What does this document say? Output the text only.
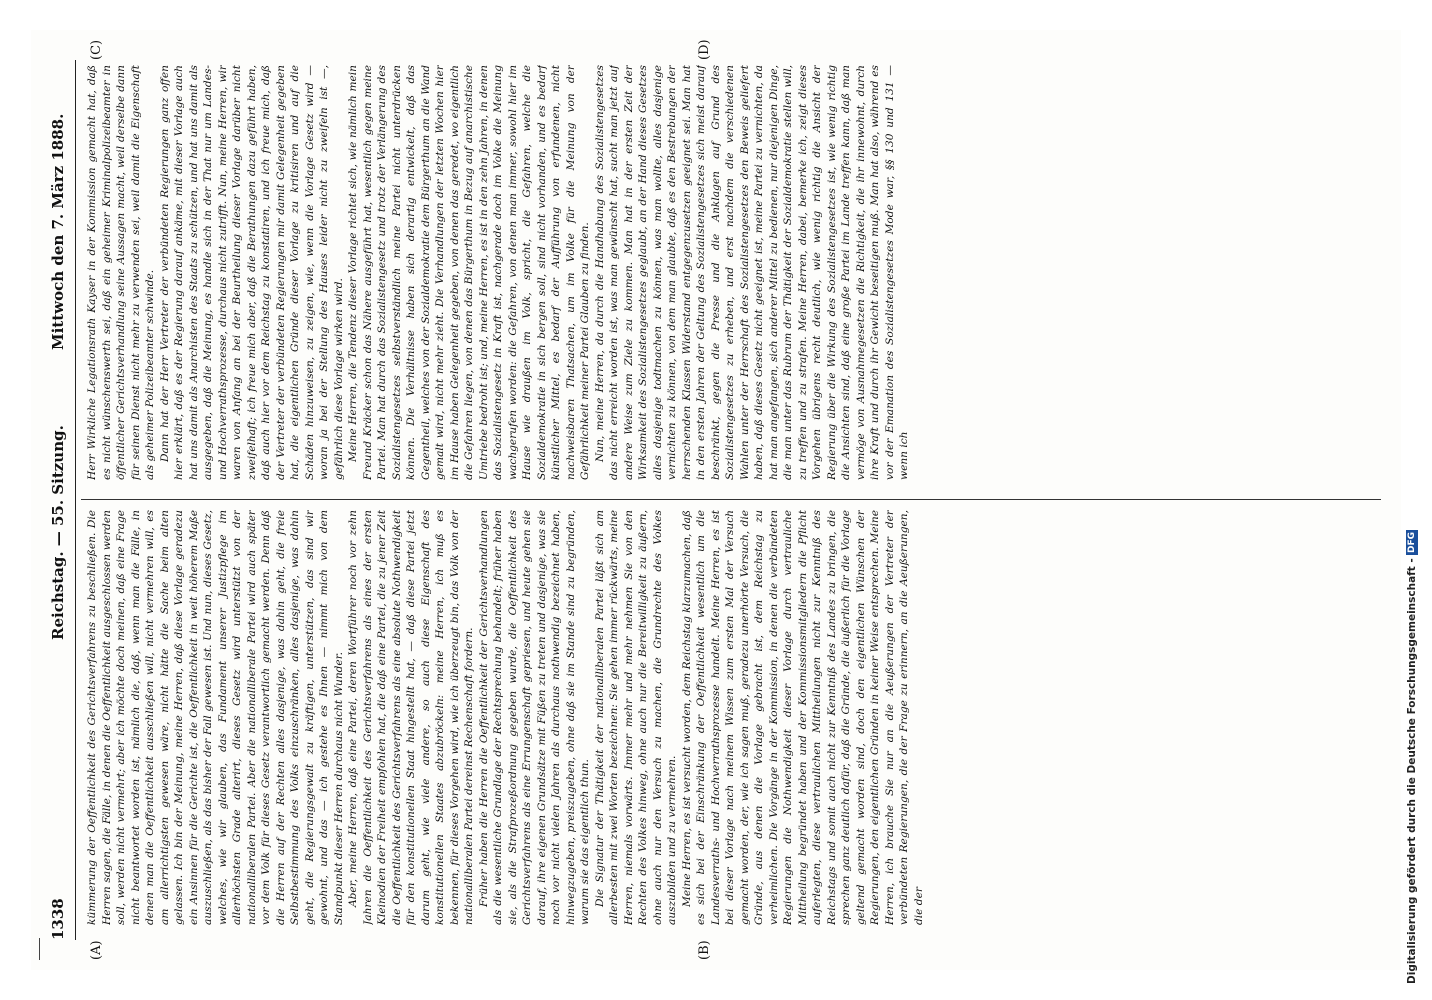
1338
Reichstag. — 55. Sitzung.
Mittwoch den 7. März 1888.
(A)	(B)
(C)	(D)

kümmerung der Oeffentlichkeit des Gerichtsverfahrens zu beschließen. Die Herren sagen, die Fälle, in denen die Oeffentlichkeit ausgeschlossen werden soll, werden nicht vermehrt; aber ich möchte doch meinen, daß eine Frage nicht beantwortet worden ist, nämlich die, daß, wenn man die Fälle, in denen man die Oeffentlichkeit ausschließen will, nicht vermehren will, es am allerrichtigsten gewesen wäre, nicht hätte die Sache beim alten gelassen. Ich bin der Meinung, meine Herren, daß diese Vorlage geradezu ein Ansinnen für die Gerichte ist, die Oeffentlichkeit in weit höherem Maße auszuschließen, als das bisher der Fall gewesen ist. Und nun, dieses Gesetz, welches, wie wir glauben, das Fundament unserer Justizpflege im allerhöchsten Grade alterirt, dieses Gesetz wird unterstützt von der nationalliberalen Partei. Aber die nationalliberale Partei wird auch später vor dem Volk für dieses Gesetz verantwortlich gemacht werden. Denn daß die Herren auf der Rechten alles dasjenige, was dahin geht, die freie Selbstbestimmung des Volks einzuschränken, alles dasjenige, was dahin geht, die Regierungsgewalt zu kräftigen, unterstützen, das sind wir gewohnt, und das — ich gestehe es Ihnen — nimmt mich von dem Standpunkt dieser Herren durchaus nicht Wunder. Aber, meine Herren, daß eine Partei, deren Wortführer noch vor zehn Jahren die Oeffentlichkeit des Gerichtsverfahrens als eines der ersten Kleinodien der Freiheit empfohlen hat, die daß eine Partei, die zu jener Zeit die Oeffentlichkeit des Gerichtsverfahrens als eine absolute Nothwendigkeit für den konstitutionellen Staat hingestellt hat, — daß diese Partei jetzt darum geht, wie viele andere, so auch diese Eigenschaft des konstitutionellen Staates abzubröckeln: meine Herren, ich muß es bekennen, für dieses Vorgehen wird, wie ich überzeugt bin, das Volk von der nationalliberalen Partei dereinst Rechenschaft fordern. Früher haben die Herren die Oeffentlichkeit der Gerichtsverhandlungen als die wesentliche Grundlage der Rechtsprechung behandelt; früher haben sie, als die Strafprozeßordnung gegeben wurde, die Oeffentlichkeit des Gerichtsverfahrens als eine Errungenschaft gepriesen, und heute gehen sie darauf, ihre eigenen Grundsätze mit Füßen zu treten und dasjenige, was sie noch vor nicht vielen Jahren als durchaus nothwendig bezeichnet haben, hinwegzugeben, preiszugeben, ohne daß sie im Stande sind zu begründen, warum sie das eigentlich thun. Die Signatur der Thätigkeit der nationalliberalen Partei läßt sich am allerbesten mit zwei Worten bezeichnen: Sie gehen immer rückwärts, meine Herren, niemals vorwärts. Immer mehr und mehr nehmen Sie von den Rechten des Volkes hinweg, ohne auch nur die Bereitwilligkeit zu äußern, ohne auch nur den Versuch zu machen, die Grundrechte des Volkes auszubilden und zu vermehren. Meine Herren, es ist versucht worden, dem Reichstag klarzumachen, daß es sich bei der Einschränkung der Oeffentlichkeit wesentlich um die Landesverraths- und Hochverrathsprozesse handelt. Meine Herren, es ist bei dieser Vorlage nach meinem Wissen zum ersten Mal der Versuch gemacht worden, der, wie ich sagen muß, geradezu unerhörte Versuch, die Gründe, aus denen die Vorlage gebracht ist, dem Reichstag zu verheimlichen. Die Vorgänge in der Kommission, in denen die verbündeten Regierungen die Nothwendigkeit dieser Vorlage durch vertrauliche Mittheilung begründet haben und der Kommissionsmitgliedern die Pflicht auferlegten, diese vertraulichen Mittheilungen nicht zur Kenntniß des Reichstags und somit auch nicht zur Kenntniß des Landes zu bringen, die sprechen ganz deutlich dafür, daß die Gründe, die äußerlich für die Vorlage geltend gemacht worden sind, doch den eigentlichen Wünschen der Regierungen, den eigentlichen Gründen in keiner Weise entsprechen. Meine Herren, ich brauche Sie nur an die Aeußerungen der Vertreter der verbündeten Regierungen, die der Frage zu erinnern, an die Aeußerungen, die der

Herr Wirkliche Legationsrath Kayser in der Kommission gemacht hat, daß es nicht wünschenswerth sei, daß ein geheimer Kriminalpolizeibeamter in öffentlicher Gerichtsverhandlung seine Aussagen macht, weil derselbe dann für seinen Dienst nicht mehr zu verwenden sei, weil damit die Eigenschaft als geheimer Polizeibeamter schwinde. Dann hat der Herr Vertreter der verbündeten Regierungen ganz offen hier erklärt, daß es der Regierung darauf ankäme, mit dieser Vorlage auch hat uns damit als Anarchisten des Staats zu schützen, und hat uns damit als ausgegeben, daß die Meinung, es handle sich in der That nur um Landes- und Hochverrathsprozesse, durchaus nicht zutrifft. Nun, meine Herren, wir waren von Anfang an bei der Beurtheilung dieser Vorlage darüber nicht zweifelhaft; ich freue mich aber, daß die Berathungen dazu geführt haben, daß auch hier vor dem Reichstag zu konstatiren, und ich freue mich, daß der Vertreter der verbündeten Regierungen mir damit Gelegenheit gegeben hat, die eigentlichen Gründe dieser Vorlage zu kritisiren und auf die Schäden hinzuweisen, zu zeigen, wie, wenn die Vorlage Gesetz wird — woran ja bei der Stellung des Hauses leider nicht zu zweifeln ist —, gefährlich diese Vorlage wirken wird. Meine Herren, die Tendenz dieser Vorlage richtet sich, wie nämlich mein Freund Kräcker schon das Nähere ausgeführt hat, wesentlich gegen meine Partei. Man hat durch das Sozialistengesetz und trotz der Verlängerung des Sozialistengesetzes selbstverständlich meine Partei nicht unterdrücken können. Die Verhältnisse haben sich derartig entwickelt, daß das Gegentheil, welches von der Sozialdemokratie dem Bürgerthum an die Wand gemalt wird, nicht mehr zieht. Die Verhandlungen der letzten Wochen hier im Hause haben Gelegenheit gegeben, von denen das geredet, wo eigentlich die Gefahren liegen, von denen das Bürgerthum in Bezug auf anarchistische Umtriebe bedroht ist; und, meine Herren, es ist in den zehn Jahren, in denen das Sozialistengesetz in Kraft ist, nachgerade doch im Volke die Meinung wachgerufen worden: die Gefahren, von denen man immer, sowohl hier im Hause wie draußen im Volk, spricht, die Gefahren, welche die Sozialdemokratie in sich bergen soll, sind nicht vorhanden, und es bedarf künstlicher Mittel, es bedarf der Aufführung von erfundenen, nicht nachweisbaren Thatsachen, um im Volke für die Meinung von der Gefährlichkeit meiner Partei Glauben zu finden. Nun, meine Herren, da durch die Handhabung des Sozialistengesetzes das nicht erreicht worden ist, was man gewünscht hat, sucht man jetzt auf andere Weise zum Ziele zu kommen. Man hat in der ersten Zeit der Wirksamkeit des Sozialistengesetzes geglaubt, an der Hand dieses Gesetzes alles dasjenige todtmachen zu können, was man wollte, alles dasjenige vernichten zu können, von dem man glaubte, daß es den Bestrebungen der herrschenden Klassen Widerstand entgegenzusetzen geeignet sei. Man hat in den ersten Jahren der Geltung des Sozialistengesetzes sich meist darauf beschränkt, gegen die Presse und die Anklagen auf Grund des Sozialistengesetzes zu erheben, und erst nachdem die verschiedenen Wahlen unter der Herrschaft des Sozialistengesetzes den Beweis geliefert haben, daß dieses Gesetz nicht geeignet ist, meine Partei zu vernichten, da hat man angefangen, sich anderer Mittel zu bedienen, nur diejenigen Dinge, die man unter das Rubrum der Thätigkeit der Sozialdemokratie stellen will, zu treffen und zu strafen. Meine Herren, dabei, bemerke ich, zeigt dieses Vorgehen übrigens recht deutlich, wie wenig richtig die Ansicht der Regierung über die Wirkung des Sozialistengesetzes ist, wie wenig richtig die Ansichten sind, daß eine große Partei im Lande treffen kann, daß man vermöge von Ausnahmegesetzen die Richtigkeit, die ihr innewohnt, durch ihre Kraft und durch ihr Gewicht beseitigen muß. Man hat also, während es vor der Emanation des Sozialistengesetzes Mode war, §§ 130 und 131 — wenn ich

Digitalisierung gefördert durch die Deutsche Forschungsgemeinschaft - DFG
